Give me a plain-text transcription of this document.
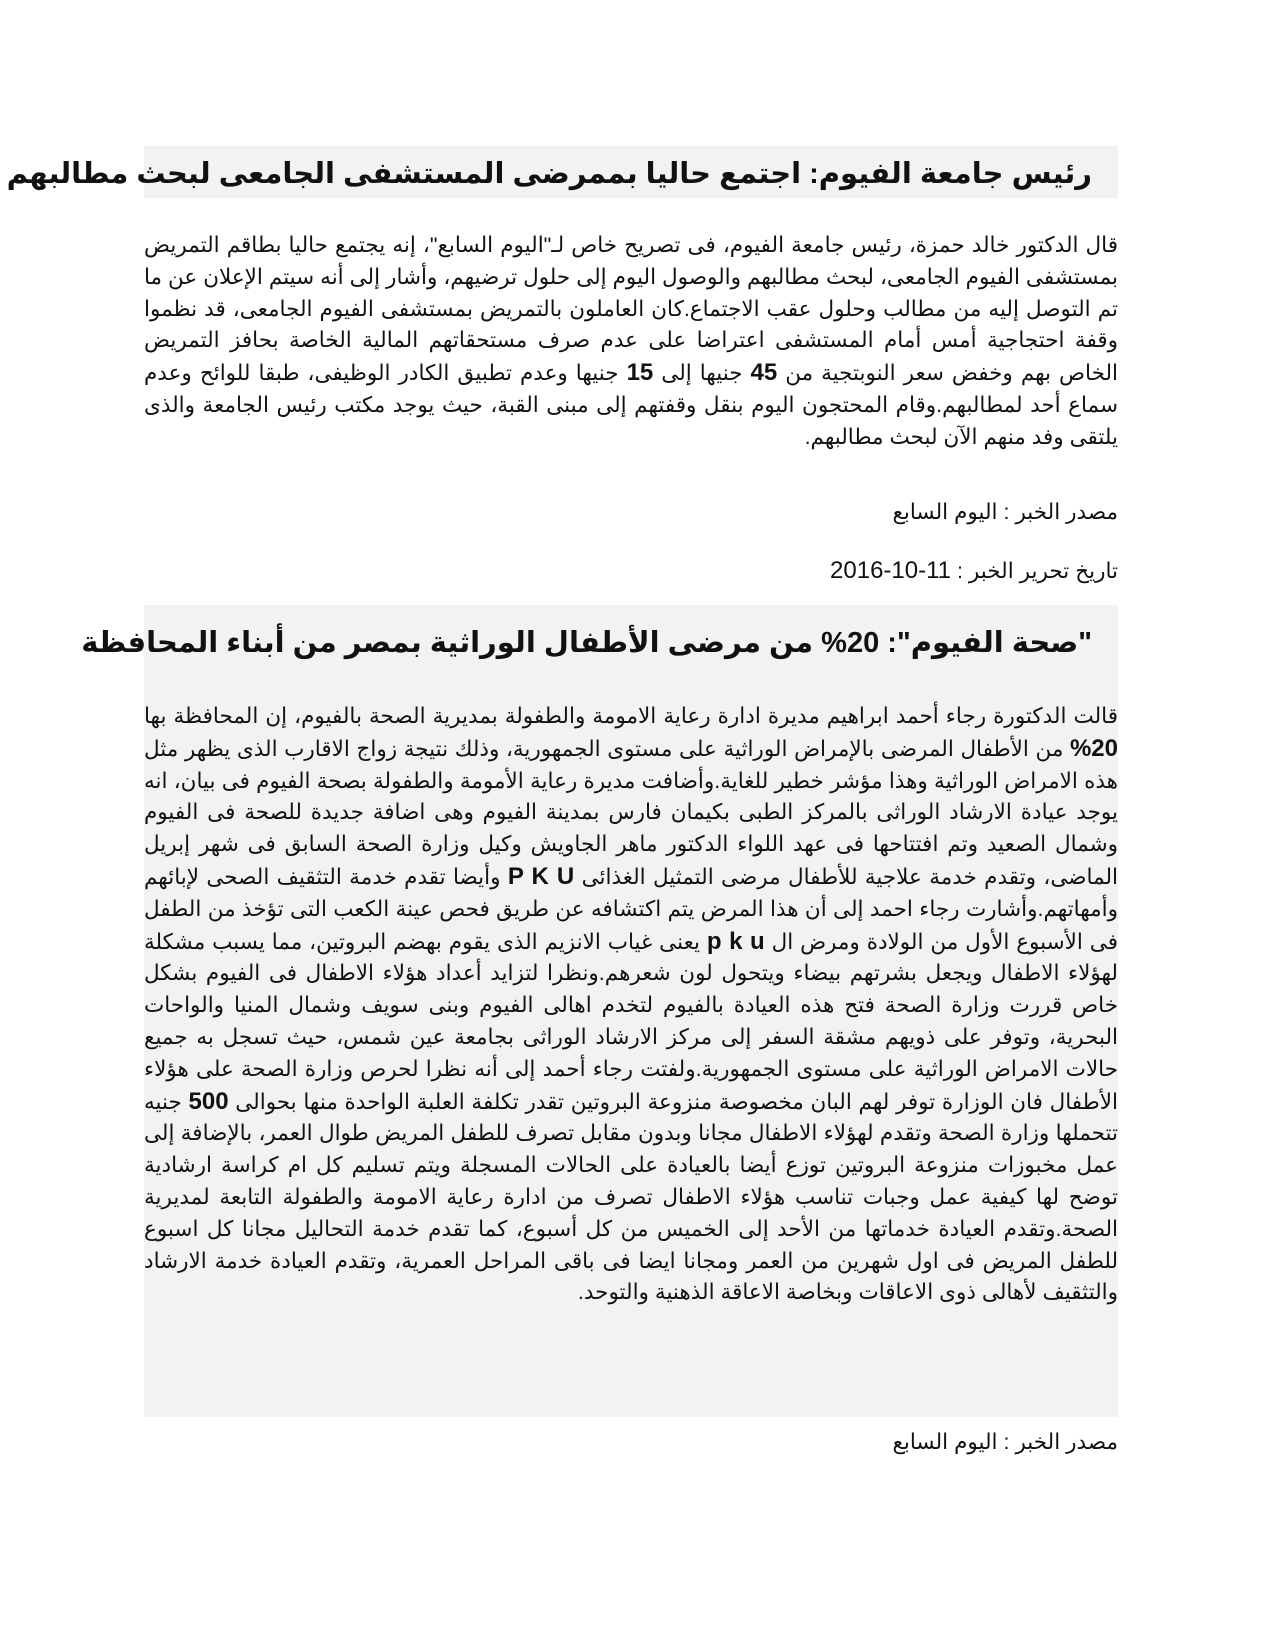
رئيس جامعة الفيوم: اجتمع حاليا بممرضى المستشفى الجامعى لبحث مطالبهم

قال الدكتور خالد حمزة، رئيس جامعة الفيوم، فى تصريح خاص لـ"اليوم السابع"، إنه يجتمع حاليا بطاقم التمريض بمستشفى الفيوم الجامعى، لبحث مطالبهم والوصول اليوم إلى حلول ترضيهم، وأشار إلى أنه سيتم الإعلان عن ما تم التوصل إليه من مطالب وحلول عقب الاجتماع.كان العاملون بالتمريض بمستشفى الفيوم الجامعى، قد نظموا وقفة احتجاجية أمس أمام المستشفى اعتراضا على عدم صرف مستحقاتهم المالية الخاصة بحافز التمريض الخاص بهم وخفض سعر النوبتجية من 45 جنيها إلى 15 جنيها وعدم تطبيق الكادر الوظيفى، طبقا للوائح وعدم سماع أحد لمطالبهم.وقام المحتجون اليوم بنقل وقفتهم إلى مبنى القبة، حيث يوجد مكتب رئيس الجامعة والذى يلتقى وفد منهم الآن لبحث مطالبهم.

مصدر الخبر : اليوم السابع
تاريخ تحرير الخبر : 2016-10-11
"صحة الفيوم": 20% من مرضى الأطفال الوراثية بمصر من أبناء المحافظة

قالت الدكتورة رجاء أحمد ابراهيم مديرة ادارة رعاية الامومة والطفولة بمديرية الصحة بالفيوم، إن المحافظة بها 20% من الأطفال المرضى بالإمراض الوراثية على مستوى الجمهورية، وذلك نتيجة زواج الاقارب الذى يظهر مثل هذه الامراض الوراثية وهذا مؤشر خطير للغاية.وأضافت مديرة رعاية الأمومة والطفولة بصحة الفيوم فى بيان، انه يوجد عيادة الارشاد الوراثى بالمركز الطبى بكيمان فارس بمدينة الفيوم وهى اضافة جديدة للصحة فى الفيوم وشمال الصعيد وتم افتتاحها فى عهد اللواء الدكتور ماهر الجاويش وكيل وزارة الصحة السابق فى شهر إبريل الماضى، وتقدم خدمة علاجية للأطفال مرضى التمثيل الغذائى P K U وأيضا تقدم خدمة التثقيف الصحى لإبائهم وأمهاتهم.وأشارت رجاء احمد إلى أن هذا المرض يتم اكتشافه عن طريق فحص عينة الكعب التى تؤخذ من الطفل فى الأسبوع الأول من الولادة ومرض ال p k u يعنى غياب الانزيم الذى يقوم بهضم البروتين، مما يسبب مشكلة لهؤلاء الاطفال ويجعل بشرتهم بيضاء ويتحول لون شعرهم.ونظرا لتزايد أعداد هؤلاء الاطفال فى الفيوم بشكل خاص قررت وزارة الصحة فتح هذه العيادة بالفيوم لتخدم اهالى الفيوم وبنى سويف وشمال المنيا والواحات البحرية، وتوفر على ذويهم مشقة السفر إلى مركز الارشاد الوراثى بجامعة عين شمس، حيث تسجل به جميع حالات الامراض الوراثية على مستوى الجمهورية.ولفتت رجاء أحمد إلى أنه نظرا لحرص وزارة الصحة على هؤلاء الأطفال فان الوزارة توفر لهم البان مخصوصة منزوعة البروتين تقدر تكلفة العلبة الواحدة منها بحوالى 500 جنيه تتحملها وزارة الصحة وتقدم لهؤلاء الاطفال مجانا وبدون مقابل تصرف للطفل المريض طوال العمر، بالإضافة إلى عمل مخبوزات منزوعة البروتين توزع أيضا بالعيادة على الحالات المسجلة ويتم تسليم كل ام كراسة ارشادية توضح لها كيفية عمل وجبات تناسب هؤلاء الاطفال تصرف من ادارة رعاية الامومة والطفولة التابعة لمديرية الصحة.وتقدم العيادة خدماتها من الأحد إلى الخميس من كل أسبوع، كما تقدم خدمة التحاليل مجانا كل اسبوع للطفل المريض فى اول شهرين من العمر ومجانا ايضا فى باقى المراحل العمرية، وتقدم العيادة خدمة الارشاد والتثقيف لأهالى ذوى الاعاقات وبخاصة الاعاقة الذهنية والتوحد.

مصدر الخبر : اليوم السابع
